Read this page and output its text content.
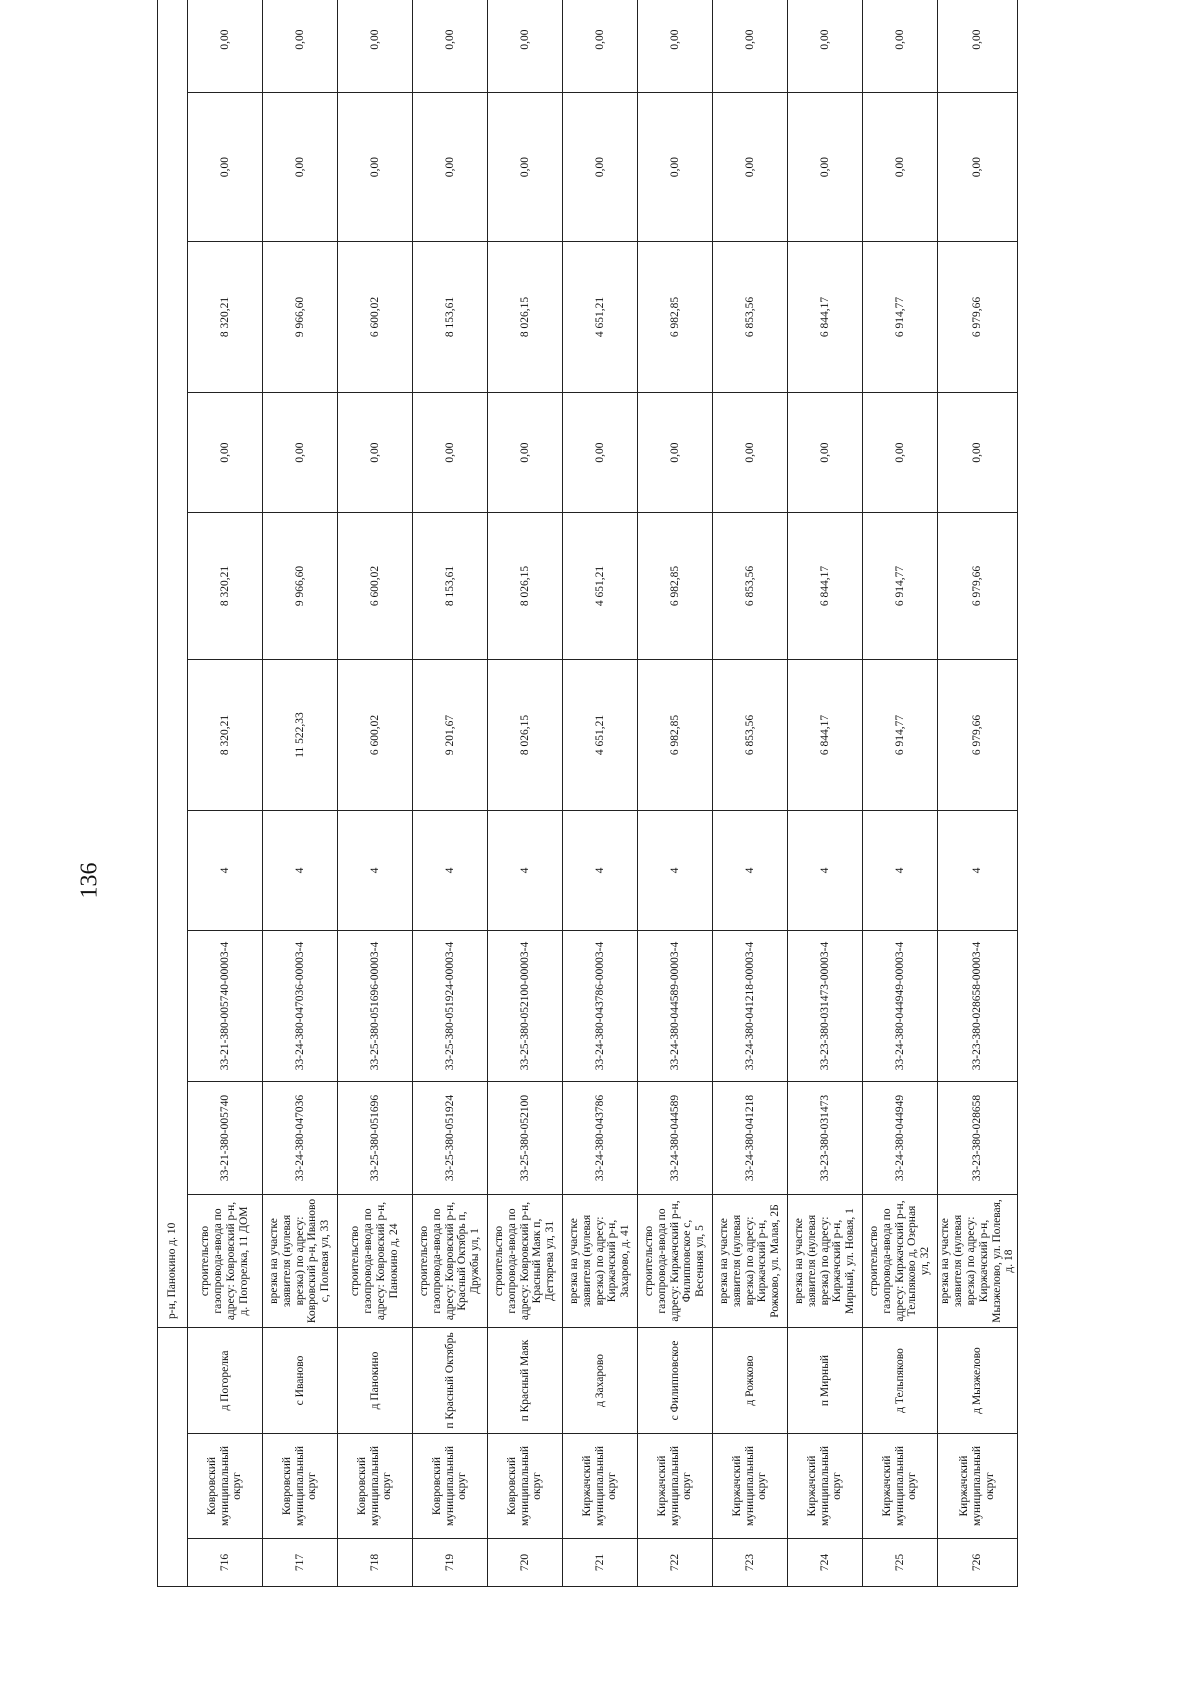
136
			р-н, Панокино д. 10									
716	Ковровский муниципальный округ	д Погорелка	строительство газопровода-ввода по адресу: Ковровский р-н, д. Погорелка, 11 ДОМ	33-21-380-005740	33-21-380-005740-00003-4	4	8 320,21	8 320,21	0,00	8 320,21	0,00	0,00
717	Ковровский муниципальный округ	с Иваново	врезка на участке заявителя (нулевая врезка) по адресу: Ковровский р-н, Иваново с, Полевая ул, 33	33-24-380-047036	33-24-380-047036-00003-4	4	11 522,33	9 966,60	0,00	9 966,60	0,00	0,00
718	Ковровский муниципальный округ	д Панокино	строительство газопровода-ввода по адресу: Ковровский р-н, Панокино д, 24	33-25-380-051696	33-25-380-051696-00003-4	4	6 600,02	6 600,02	0,00	6 600,02	0,00	0,00
719	Ковровский муниципальный округ	п Красный Октябрь	строительство газопровода-ввода по адресу: Ковровский р-н, Красный Октябрь п, Дружбы ул, 1	33-25-380-051924	33-25-380-051924-00003-4	4	9 201,67	8 153,61	0,00	8 153,61	0,00	0,00
720	Ковровский муниципальный округ	п Красный Маяк	строительство газопровода-ввода по адресу: Ковровский р-н, Красный Маяк п, Дегтярева ул, 31	33-25-380-052100	33-25-380-052100-00003-4	4	8 026,15	8 026,15	0,00	8 026,15	0,00	0,00
721	Киржачский муниципальный округ	д Захарово	врезка на участке заявителя (нулевая врезка) по адресу: Киржачский р-н, Захарово, д. 41	33-24-380-043786	33-24-380-043786-00003-4	4	4 651,21	4 651,21	0,00	4 651,21	0,00	0,00
722	Киржачский муниципальный округ	с Филипповское	строительство газопровода-ввода по адресу: Киржачский р-н, Филипповское с, Весенняя ул, 5	33-24-380-044589	33-24-380-044589-00003-4	4	6 982,85	6 982,85	0,00	6 982,85	0,00	0,00
723	Киржачский муниципальный округ	д Рожково	врезка на участке заявителя (нулевая врезка) по адресу: Киржачский р-н, Рожково, ул. Малая, 2Б	33-24-380-041218	33-24-380-041218-00003-4	4	6 853,56	6 853,56	0,00	6 853,56	0,00	0,00
724	Киржачский муниципальный округ	п Мирный	врезка на участке заявителя (нулевая врезка) по адресу: Киржачский р-н, Мирный, ул. Новая, 1	33-23-380-031473	33-23-380-031473-00003-4	4	6 844,17	6 844,17	0,00	6 844,17	0,00	0,00
725	Киржачский муниципальный округ	д Тельпяково	строительство газопровода-ввода по адресу: Киржачский р-н, Тельпяково д, Озерная ул, 32	33-24-380-044949	33-24-380-044949-00003-4	4	6 914,77	6 914,77	0,00	6 914,77	0,00	0,00
726	Киржачский муниципальный округ	д Мызжелово	врезка на участке заявителя (нулевая врезка) по адресу: Киржачский р-н, Мызжелово, ул. Полевая, д. 18	33-23-380-028658	33-23-380-028658-00003-4	4	6 979,66	6 979,66	0,00	6 979,66	0,00	0,00
